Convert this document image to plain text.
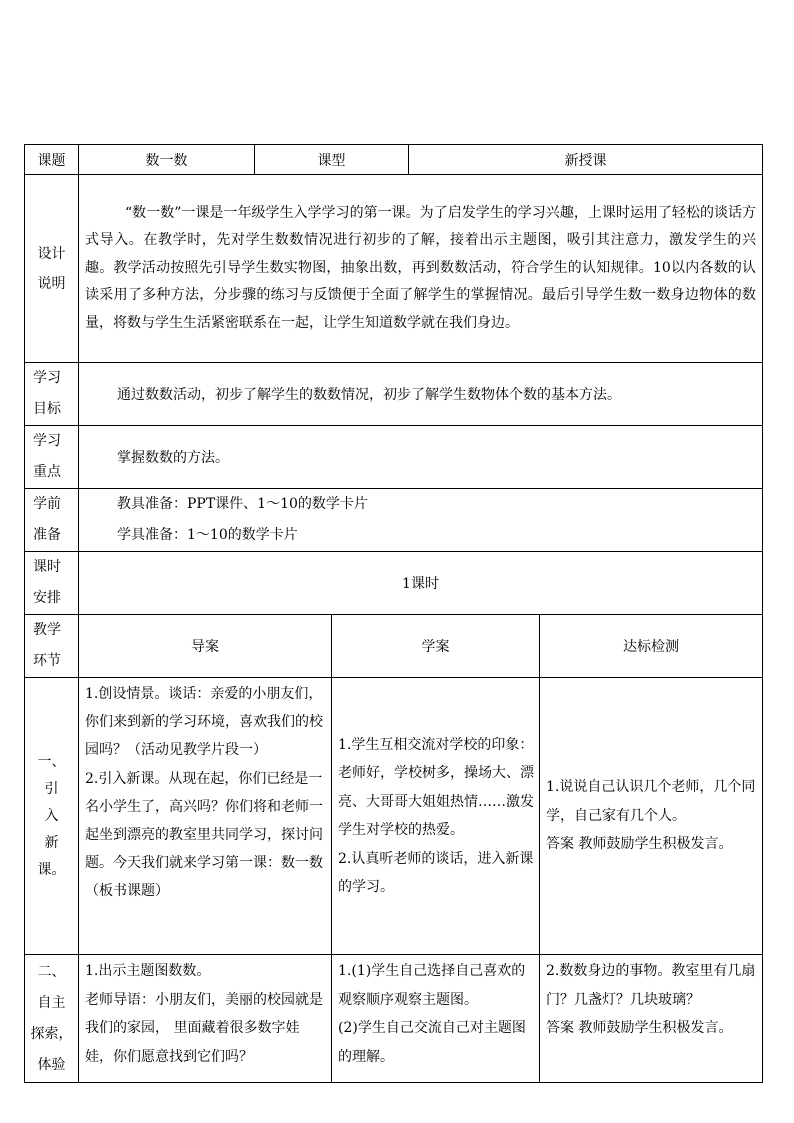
课题	数一数	课型		新授课	

设计
说明	“数一数”一课是一年级学生入学学习的第一课。为了启发学生的学习兴趣，上课时运用了轻松的谈话方式导入。在教学时，先对学生数数情况进行初步的了解，接着出示主题图，吸引其注意力，激发学生的兴趣。教学活动按照先引导学生数实物图，抽象出数，再到数数活动，符合学生的认知规律。10以内各数的认读采用了多种方法，分步骤的练习与反馈便于全面了解学生的掌握情况。最后引导学生数一数身边物体的数量，将数与学生生活紧密联系在一起，让学生知道数学就在我们身边。				

学习
目标	通过数数活动，初步了解学生的数数情况，初步了解学生数物体个数的基本方法。				

学习
重点	掌握数数的方法。				

学前
准备	教具准备：PPT课件、1～10的数学卡片
学具准备：1～10的数学卡片				

课时
安排	1课时				

教学
环节	导案		学案		达标检测

一、
引
入
新
课。	1.创设情景。谈话：亲爱的小朋友们，你们来到新的学习环境，喜欢我们的校园吗？（活动见教学片段一）
2.引入新课。从现在起，你们已经是一名小学生了，高兴吗？你们将和老师一起坐到漂亮的教室里共同学习，探讨问题。今天我们就来学习第一课：数一数（板书课题）		1.学生互相交流对学校的印象：老师好，学校树多，操场大、漂亮、大哥哥大姐姐热情……激发学生对学校的热爱。
2.认真听老师的谈话，进入新课的学习。		1.说说自己认识几个老师，几个同学，自己家有几个人。
答案 教师鼓励学生积极发言。

二、
自主
探索，
体验	1.出示主题图数数。
老师导语：小朋友们，美丽的校园就是我们的家园， 里面藏着很多数字娃娃，你们愿意找到它们吗？		1.(1)学生自己选择自己喜欢的观察顺序观察主题图。
(2)学生自己交流自己对主题图的理解。		2.数数身边的事物。教室里有几扇门？几盏灯？几块玻璃？
答案 教师鼓励学生积极发言。
